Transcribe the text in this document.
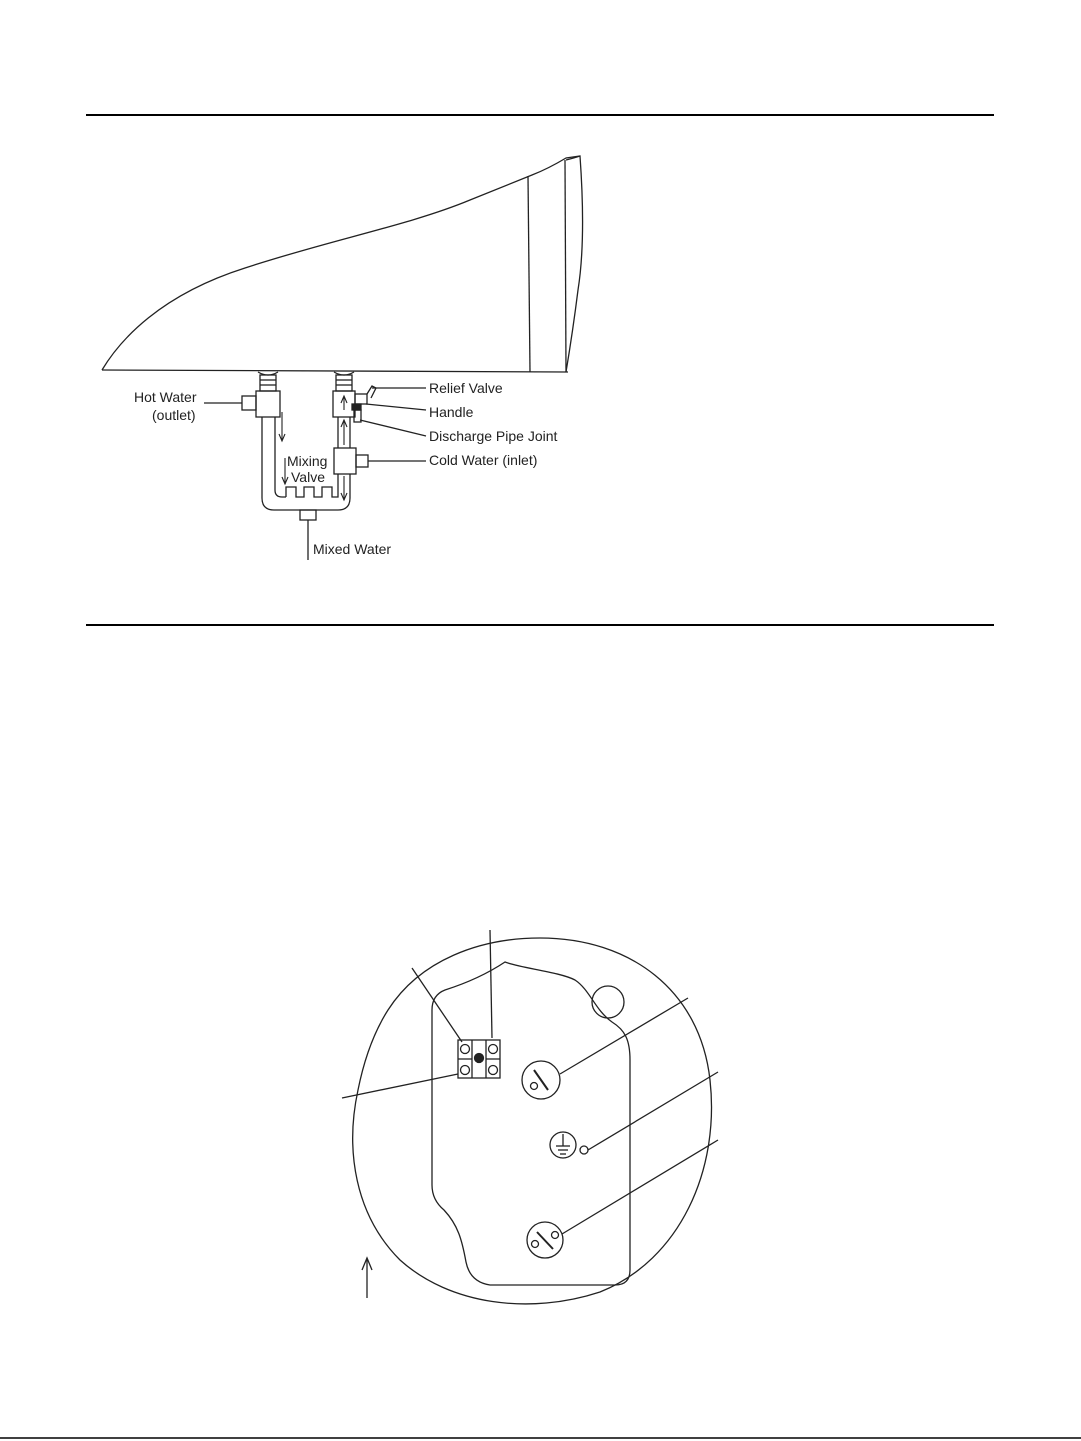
Hot Water
(outlet)
Relief Valve
Handle
Discharge Pipe Joint
Cold Water (inlet)
Mixing
Valve
Mixed Water
